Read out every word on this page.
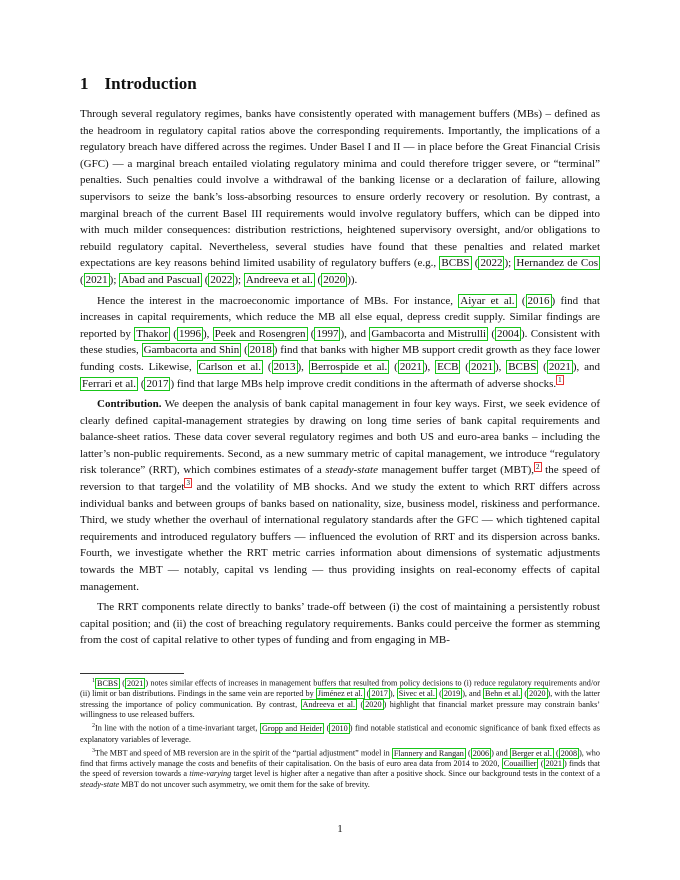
1 Introduction

Through several regulatory regimes, banks have consistently operated with management buffers (MBs) – defined as the headroom in regulatory capital ratios above the corresponding requirements. Importantly, the implications of a regulatory breach have differed across the regimes. Under Basel I and II — in place before the Great Financial Crisis (GFC) — a marginal breach entailed violating regulatory minima and could therefore trigger severe, or “terminal” penalties. Such penalties could involve a withdrawal of the banking license or a declaration of failure, allowing supervisors to seize the bank’s loss-absorbing resources to ensure orderly recovery or resolution. By contrast, a marginal breach of the current Basel III requirements would involve regulatory buffers, which can be dipped into with much milder consequences: distribution restrictions, heightened supervisory oversight, and/or obligations to rebuild regulatory capital. Nevertheless, several studies have found that these penalties and related market expectations are key reasons behind limited usability of regulatory buffers (e.g., BCBS ( 2022 ); Hernandez de Cos ( 2021 ); Abad and Pascual ( 2022 ); Andreeva et al. ( 2020 )).

Hence the interest in the macroeconomic importance of MBs. For instance, Aiyar et al. ( 2016 ) find that increases in capital requirements, which reduce the MB all else equal, depress credit supply. Similar findings are reported by Thakor ( 1996 ), Peek and Rosengren ( 1997 ), and Gambacorta and Mistrulli ( 2004 ). Consistent with these studies, Gambacorta and Shin ( 2018 ) find that banks with higher MB support credit growth as they face lower funding costs. Likewise, Carlson et al. ( 2013 ), Berrospide et al. ( 2021 ), ECB ( 2021 ), BCBS ( 2021 ), and Ferrari et al. ( 2017 ) find that large MBs help improve credit conditions in the aftermath of adverse shocks. $^1$

Contribution. We deepen the analysis of bank capital management in four key ways. First, we seek evidence of clearly defined capital-management strategies by drawing on long time series of bank capital requirements and balance-sheet ratios. These data cover several regulatory regimes and both US and euro-area banks – including the latter’s non-public requirements. Second, as a new summary metric of capital management, we introduce “regulatory risk tolerance” (RRT), which combines estimates of a steady-state management buffer target (MBT), $^2$ the speed of reversion to that target $^3$ and the volatility of MB shocks. And we study the extent to which RRT differs across individual banks and between groups of banks based on nationality, size, business model, riskiness and performance. Third, we study whether the overhaul of international regulatory standards after the GFC — which tightened capital requirements and introduced regulatory buffers — influenced the evolution of RRT and its dispersion across banks. Fourth, we investigate whether the RRT metric carries information about dimensions of systematic adjustments towards the MBT — notably, capital vs lending — thus providing insights on real-economy effects of capital management.

The RRT components relate directly to banks’ trade-off between (i) the cost of maintaining a persistently robust capital position; and (ii) the cost of breaching regulatory requirements. Banks could perceive the former as stemming from the cost of capital relative to other types of funding and from engaging in MB-

$^1$ BCBS ( 2021 ) notes similar effects of increases in management buffers that resulted from policy decisions to (i) reduce regulatory requirements and/or (ii) limit or ban distributions. Findings in the same vein are reported by Jiménez et al. ( 2017 ), Sivec et al. ( 2019 ), and Behn et al. ( 2020 ), with the latter stressing the importance of policy communication. By contrast, Andreeva et al. ( 2020 ) highlight that financial market pressure may constrain banks’ willingness to use released buffers.

$^2$In line with the notion of a time-invariant target, Gropp and Heider ( 2010 ) find notable statistical and economic significance of bank fixed effects as explanatory variables of leverage.

$^3$The MBT and speed of MB reversion are in the spirit of the “partial adjustment” model in Flannery and Rangan ( 2006 ) and Berger et al. ( 2008 ), who find that firms actively manage the costs and benefits of their capitalisation. On the basis of euro area data from 2014 to 2020, Couaillier ( 2021 ) finds that the speed of reversion towards a time-varying target level is higher after a negative than after a positive shock. Since our background tests in the context of a steady-state MBT do not uncover such asymmetry, we omit them for the sake of brevity.

1
